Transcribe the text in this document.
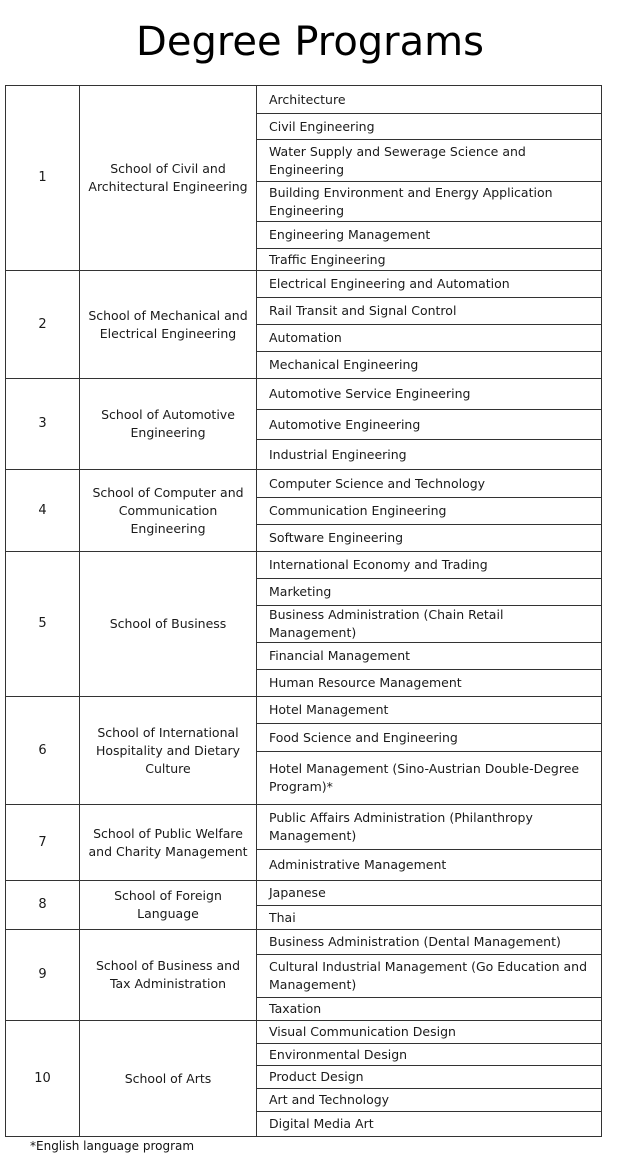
Degree Programs
1	School of Civil and Architectural Engineering	Architecture
		Civil Engineering
		Water Supply and Sewerage Science and Engineering
		Building Environment and Energy Application Engineering
		Engineering Management
		Traffic Engineering
2	School of Mechanical and Electrical Engineering	Electrical Engineering and Automation
		Rail Transit and Signal Control
		Automation
		Mechanical Engineering
3	School of Automotive Engineering	Automotive Service Engineering
		Automotive Engineering
		Industrial Engineering
4	School of Computer and Communication Engineering	Computer Science and Technology
		Communication Engineering
		Software Engineering
5	School of Business	International Economy and Trading
		Marketing
		Business Administration (Chain Retail Management)
		Financial Management
		Human Resource Management
6	School of International Hospitality and Dietary Culture	Hotel Management
		Food Science and Engineering
		Hotel Management (Sino-Austrian Double-Degree Program)*
7	School of Public Welfare and Charity Management	Public Affairs Administration (Philanthropy Management)
		Administrative Management
8	School of Foreign Language	Japanese
		Thai
9	School of Business and Tax Administration	Business Administration (Dental Management)
		Cultural Industrial Management (Go Education and Management)
		Taxation
10	School of Arts	Visual Communication Design
		Environmental Design
		Product Design
		Art and Technology
		Digital Media Art
*English language program
